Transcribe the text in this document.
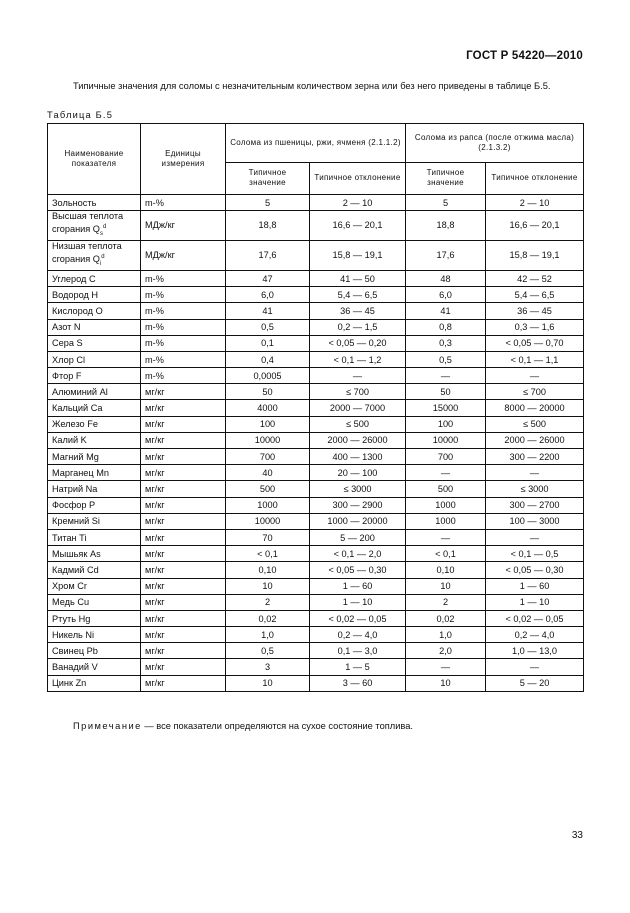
ГОСТ Р 54220—2010
Типичные значения для соломы с незначительным количеством зерна или без него приведены в таблице Б.5.
Таблица Б.5
Наименование показателя	Единицы измерения	Солома из пшеницы, ржи, ячменя (2.1.1.2)		Солома из рапса (после отжима масла) (2.1.3.2)	
		Типичное значение	Типичное отклонение	Типичное значение	Типичное отклонение
Зольность	m-%	5	2 — 10	5	2 — 10
Высшая теплота сгорания $Q_s^d$	МДж/кг	18,8	16,6 — 20,1	18,8	16,6 — 20,1
Низшая теплота сгорания $Q_i^d$	МДж/кг	17,6	15,8 — 19,1	17,6	15,8 — 19,1
Углерод C	m-%	47	41 — 50	48	42 — 52
Водород H	m-%	6,0	5,4 — 6,5	6,0	5,4 — 6,5
Кислород O	m-%	41	36 — 45	41	36 — 45
Азот N	m-%	0,5	0,2 — 1,5	0,8	0,3 — 1,6
Сера S	m-%	0,1	< 0,05 — 0,20	0,3	< 0,05 — 0,70
Хлор Cl	m-%	0,4	< 0,1 — 1,2	0,5	< 0,1 — 1,1
Фтор F	m-%	0,0005	—	—	—
Алюминий Al	мг/кг	50	≤ 700	50	≤ 700
Кальций Ca	мг/кг	4000	2000 — 7000	15000	8000 — 20000
Железо Fe	мг/кг	100	≤ 500	100	≤ 500
Калий K	мг/кг	10000	2000 — 26000	10000	2000 — 26000
Магний Mg	мг/кг	700	400 — 1300	700	300 — 2200
Марганец Mn	мг/кг	40	20 — 100	—	—
Натрий Na	мг/кг	500	≤ 3000	500	≤ 3000
Фосфор P	мг/кг	1000	300 — 2900	1000	300 — 2700
Кремний Si	мг/кг	10000	1000 — 20000	1000	100 — 3000
Титан Ti	мг/кг	70	5 — 200	—	—
Мышьяк As	мг/кг	< 0,1	< 0,1 — 2,0	< 0,1	< 0,1 — 0,5
Кадмий Cd	мг/кг	0,10	< 0,05 — 0,30	0,10	< 0,05 — 0,30
Хром Cr	мг/кг	10	1 — 60	10	1 — 60
Медь Cu	мг/кг	2	1 — 10	2	1 — 10
Ртуть Hg	мг/кг	0,02	< 0,02 — 0,05	0,02	< 0,02 — 0,05
Никель Ni	мг/кг	1,0	0,2 — 4,0	1,0	0,2 — 4,0
Свинец Pb	мг/кг	0,5	0,1 — 3,0	2,0	1,0 — 13,0
Ванадий V	мг/кг	3	1 — 5	—	—
Цинк Zn	мг/кг	10	3 — 60	10	5 — 20
Примечание — все показатели определяются на сухое состояние топлива.
33
